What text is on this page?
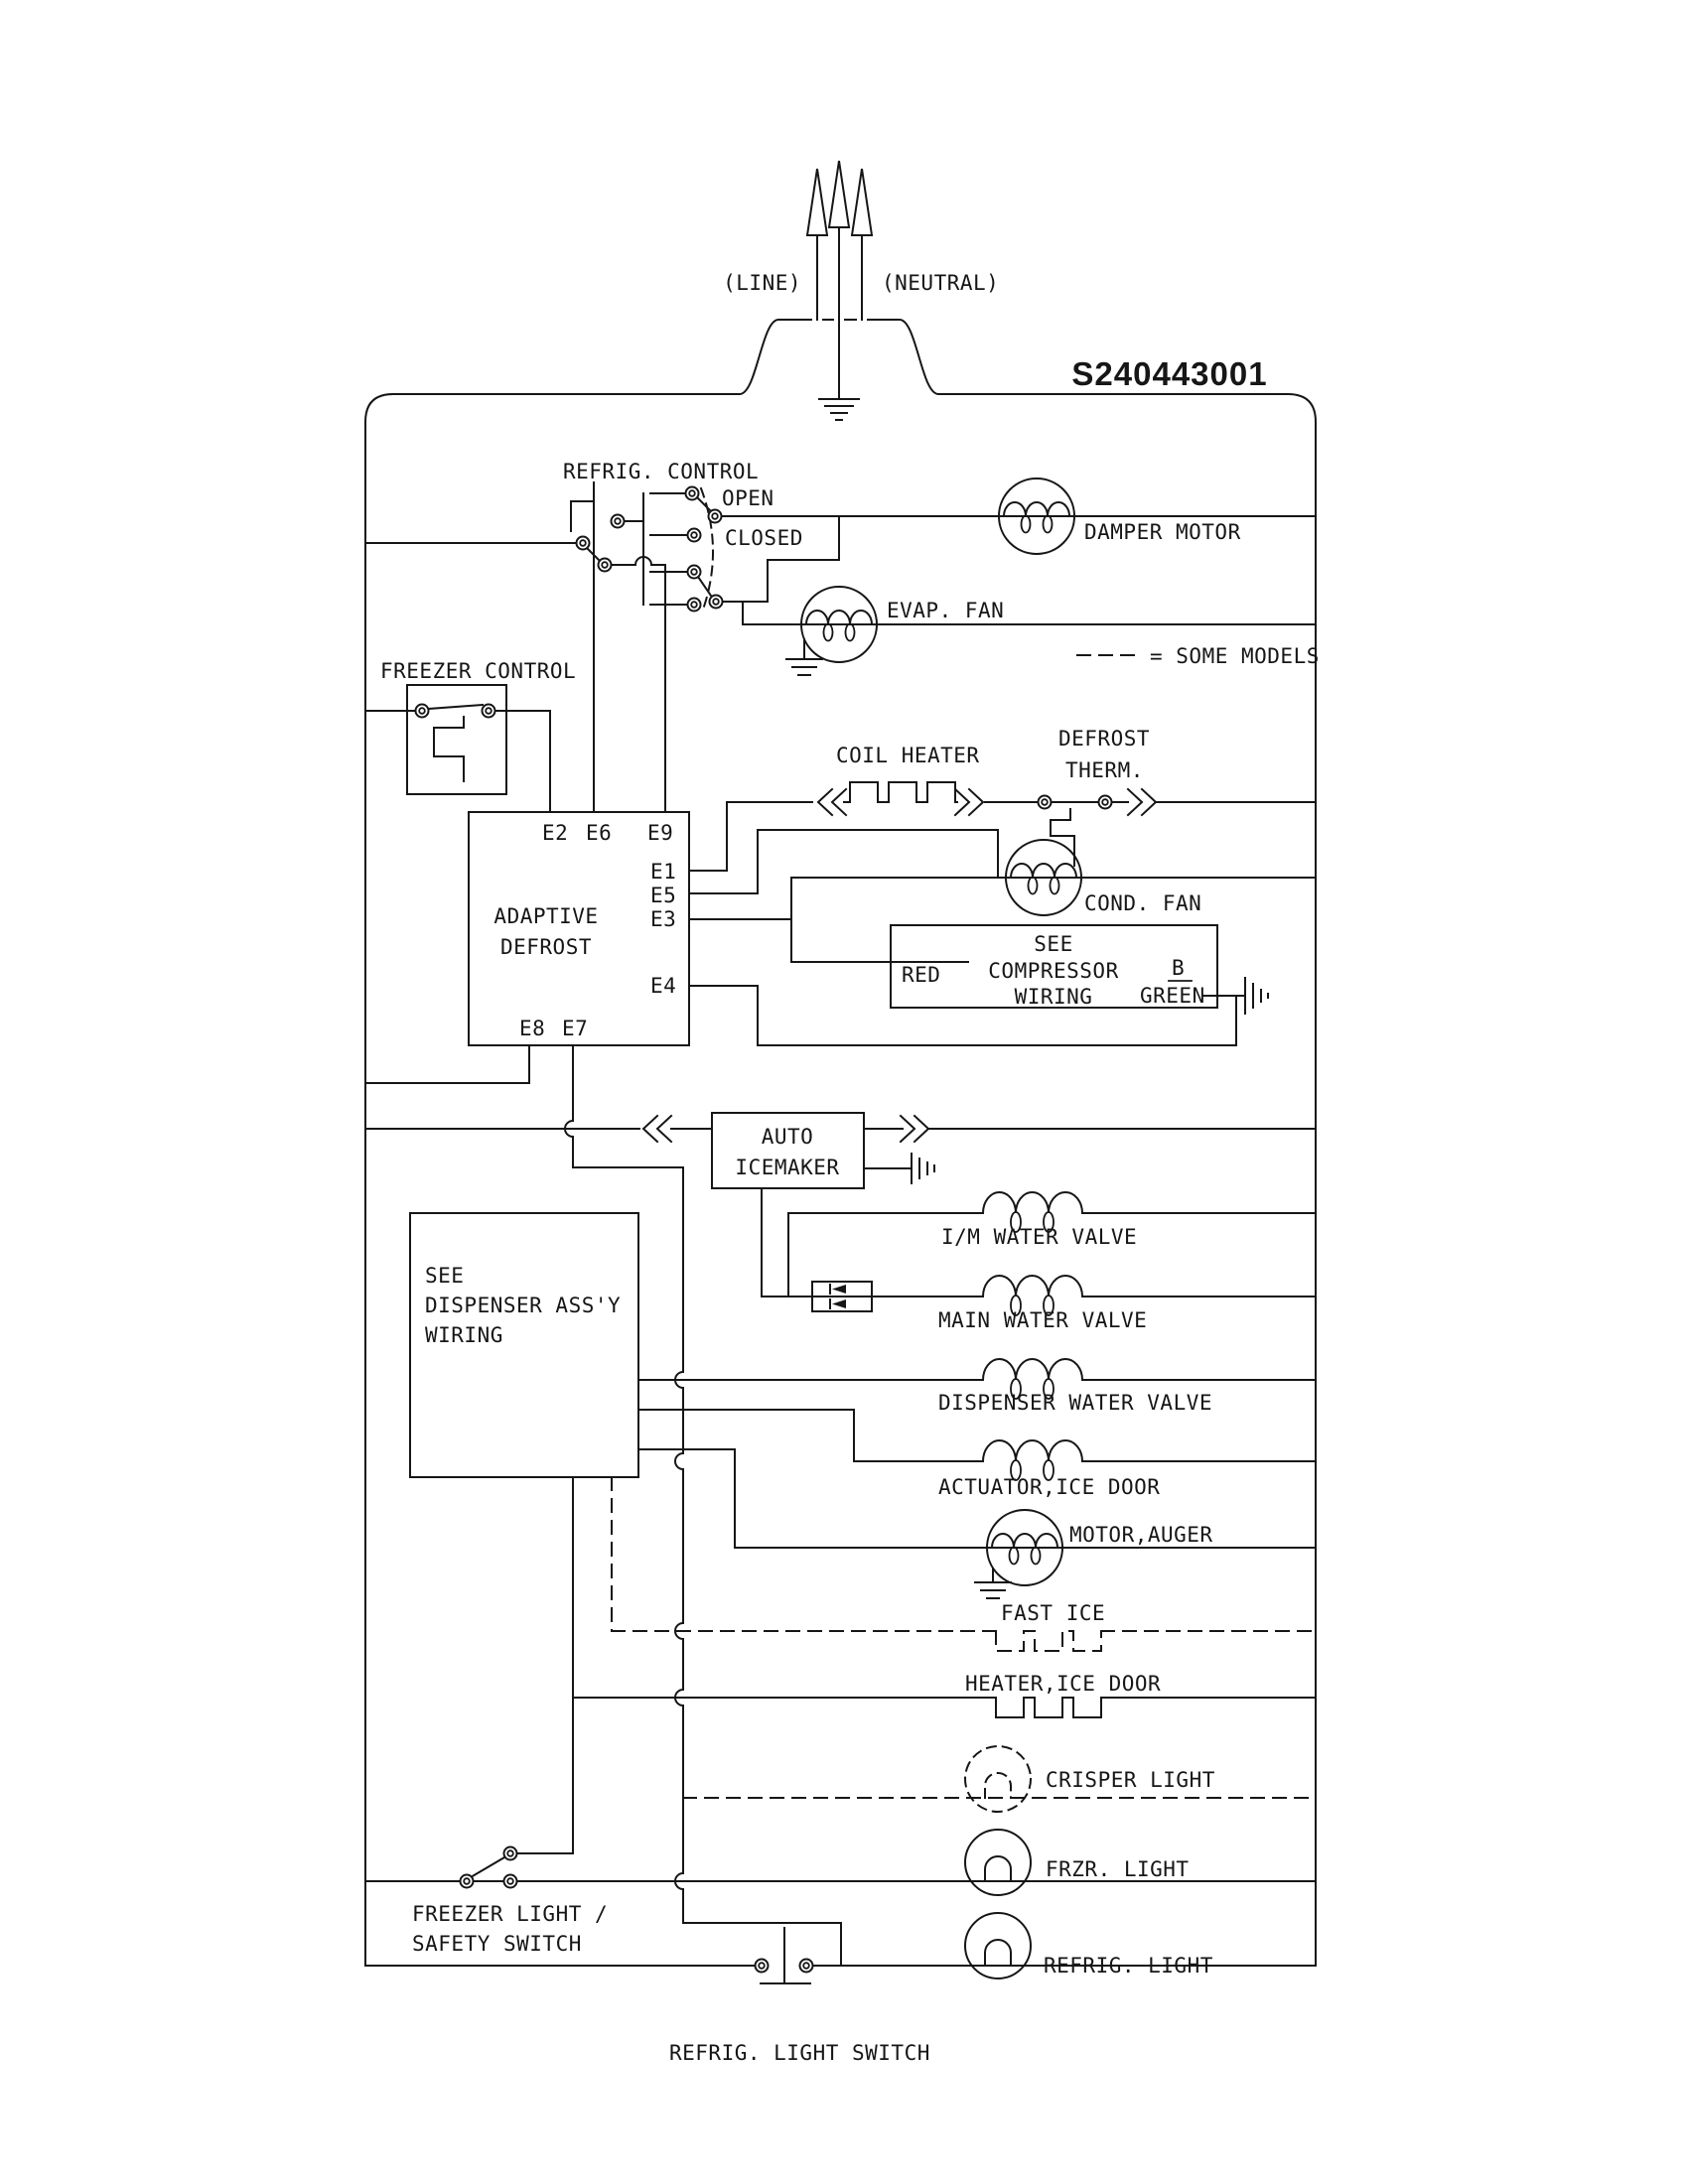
(LINE)	(NEUTRAL)
S240443001
REFRIG. CONTROL
OPEN
CLOSED	DAMPER MOTOR
EVAP. FAN
= SOME MODELS
FREEZER CONTROL
E2 E6 E9
E1
E5
E3
E4
E8 E7
ADAPTIVE
DEFROST
COIL HEATER
DEFROST
THERM.
COND. FAN
SEE
COMPRESSOR
WIRING
RED	B
GREEN
AUTO
ICEMAKER
I/M WATER VALVE
MAIN WATER VALVE
SEE
DISPENSER ASS'Y
WIRING
DISPENSER WATER VALVE
ACTUATOR,ICE DOOR
MOTOR,AUGER
FAST ICE
HEATER,ICE DOOR
CRISPER LIGHT
FRZR. LIGHT
FREEZER LIGHT /
SAFETY SWITCH
REFRIG. LIGHT
REFRIG. LIGHT SWITCH
